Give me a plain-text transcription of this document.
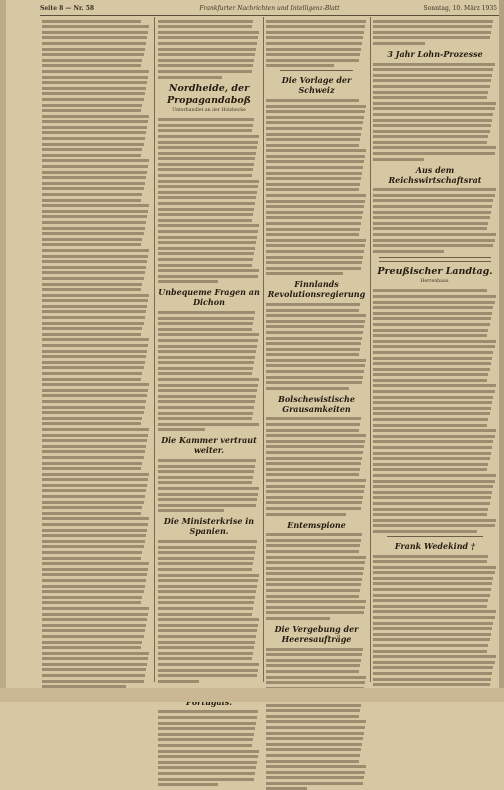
Seite 8 — Nr. 58	Frankfurter Nachrichten und Intelligenz-Blatt	Sonntag, 10. März 1935
Nordheide, der Propagandaboß
Unterhandlet an der Holzhecke
Unbequeme Fragen an Dichon
Die Kammer vertraut weiter.
Die Ministerkrise in Spanien.
Die Vorlage der Schweiz
Finnlands Revolutionsregierung
Bolschewistische Grausamkeiten
Entemspione
Die Vergebung der Heeresaufträge
3 Jahr Lohn-Prozesse
Aus dem Reichswirtschaftsrat
Preußischer Landtag.
Herrenhaus.
Frank Wedekind †
